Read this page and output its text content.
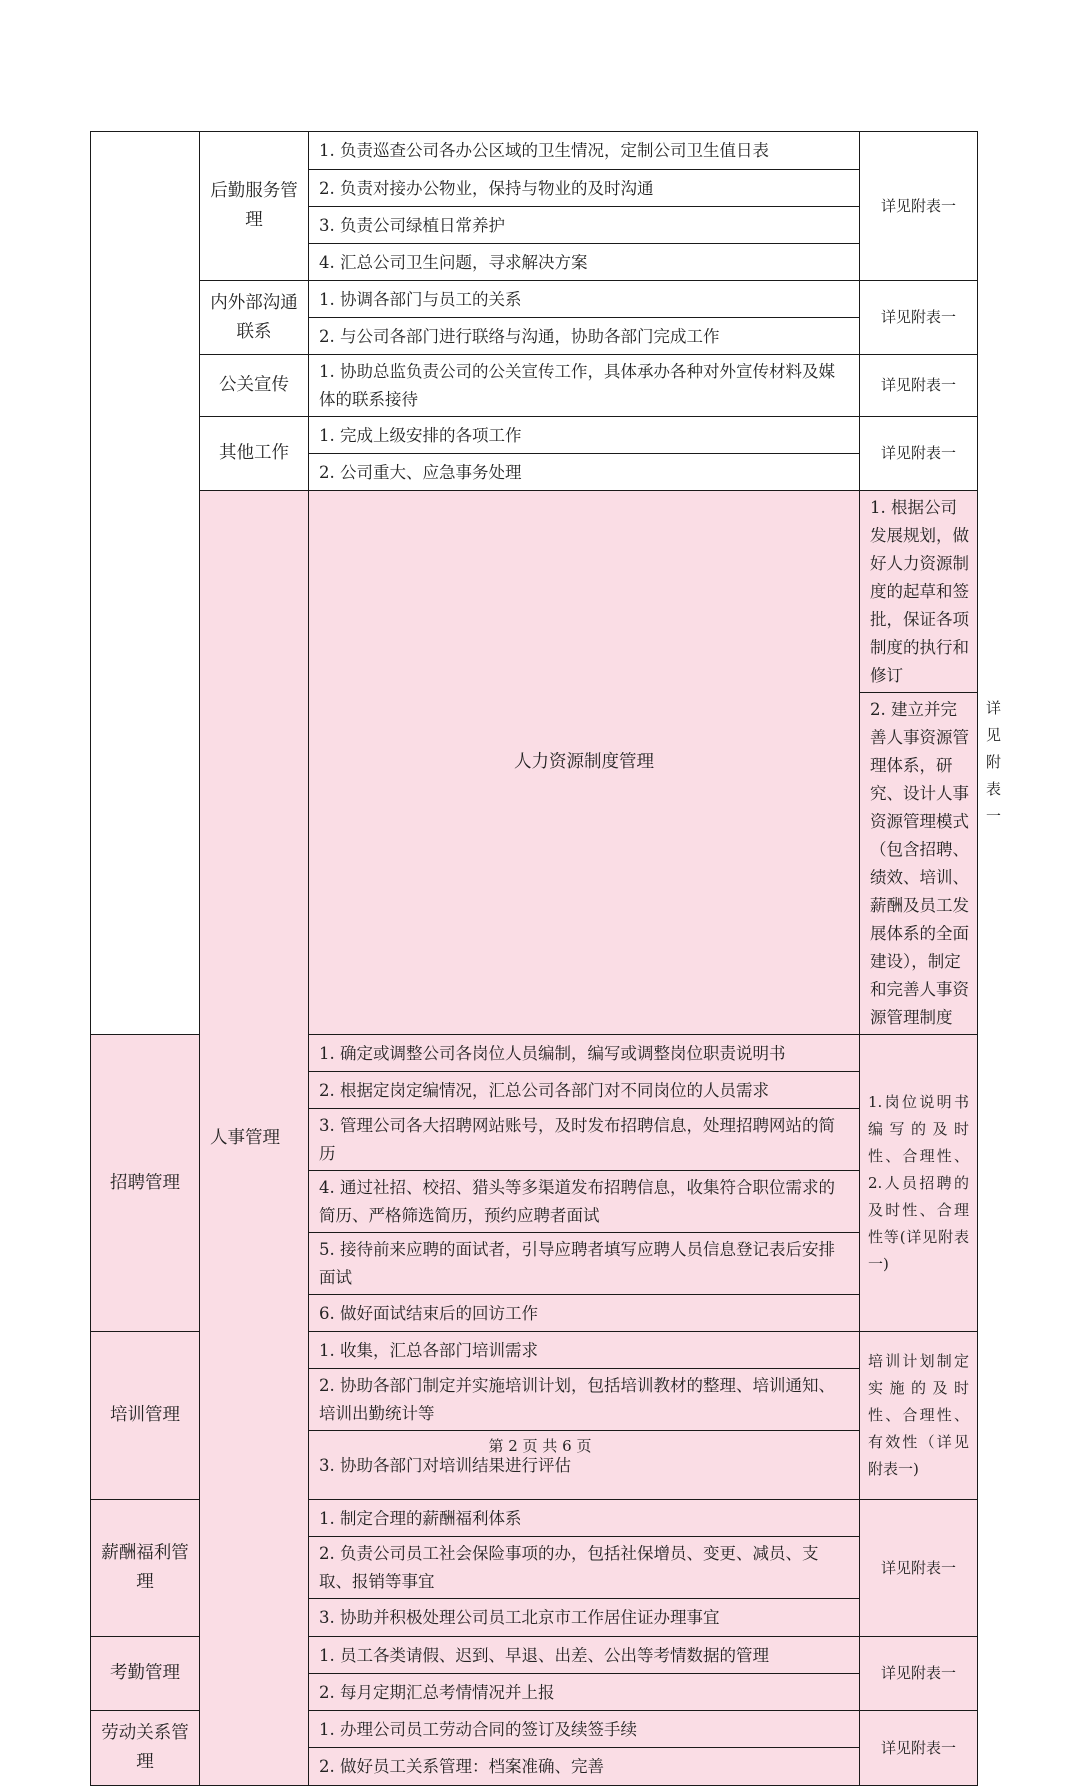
	后勤服务管理	1. 负责巡查公司各办公区域的卫生情况，定制公司卫生值日表	详见附表一	
		2. 负责对接办公物业，保持与物业的及时沟通		
		3. 负责公司绿植日常养护		
		4. 汇总公司卫生问题，寻求解决方案		
	内外部沟通联系	1. 协调各部门与员工的关系	详见附表一	
		2. 与公司各部门进行联络与沟通，协助各部门完成工作		
	公关宣传	1. 协助总监负责公司的公关宣传工作，具体承办各种对外宣传材料及媒体的联系接待	详见附表一	
	其他工作	1. 完成上级安排的各项工作	详见附表一	
		2. 公司重大、应急事务处理		
	人事管理	人力资源制度管理	1. 根据公司发展规划，做好人力资源制度的起草和签批，保证各项制度的执行和修订	详见附表一
			2. 建立并完善人事资源管理体系，研究、设计人事资源管理模式（包含招聘、绩效、培训、薪酬及员工发展体系的全面建设），制定和完善人事资源管理制度	
招聘管理		1. 确定或调整公司各岗位人员编制，编写或调整岗位职责说明书	1.岗位说明书编写的及时性、合理性、2.人员招聘的及时性、合理性等(详见附表一)	
		2. 根据定岗定编情况，汇总公司各部门对不同岗位的人员需求		
		3. 管理公司各大招聘网站账号，及时发布招聘信息，处理招聘网站的简历		
		4. 通过社招、校招、猎头等多渠道发布招聘信息，收集符合职位需求的简历、严格筛选简历，预约应聘者面试		
		5. 接待前来应聘的面试者，引导应聘者填写应聘人员信息登记表后安排面试		
		6. 做好面试结束后的回访工作		
培训管理		1. 收集，汇总各部门培训需求	培训计划制定实施的及时性、合理性、有效性（详见附表一)	
		2. 协助各部门制定并实施培训计划，包括培训教材的整理、培训通知、培训出勤统计等		
		3. 协助各部门对培训结果进行评估		
薪酬福利管理		1. 制定合理的薪酬福利体系	详见附表一	
		2. 负责公司员工社会保险事项的办，包括社保增员、变更、减员、支取、报销等事宜		
		3. 协助并积极处理公司员工北京市工作居住证办理事宜		
考勤管理		1. 员工各类请假、迟到、早退、出差、公出等考情数据的管理	详见附表一	
		2. 每月定期汇总考情情况并上报		
劳动关系管理		1. 办理公司员工劳动合同的签订及续签手续	详见附表一	
		2. 做好员工关系管理：档案准确、完善		
第 2 页 共 6 页
